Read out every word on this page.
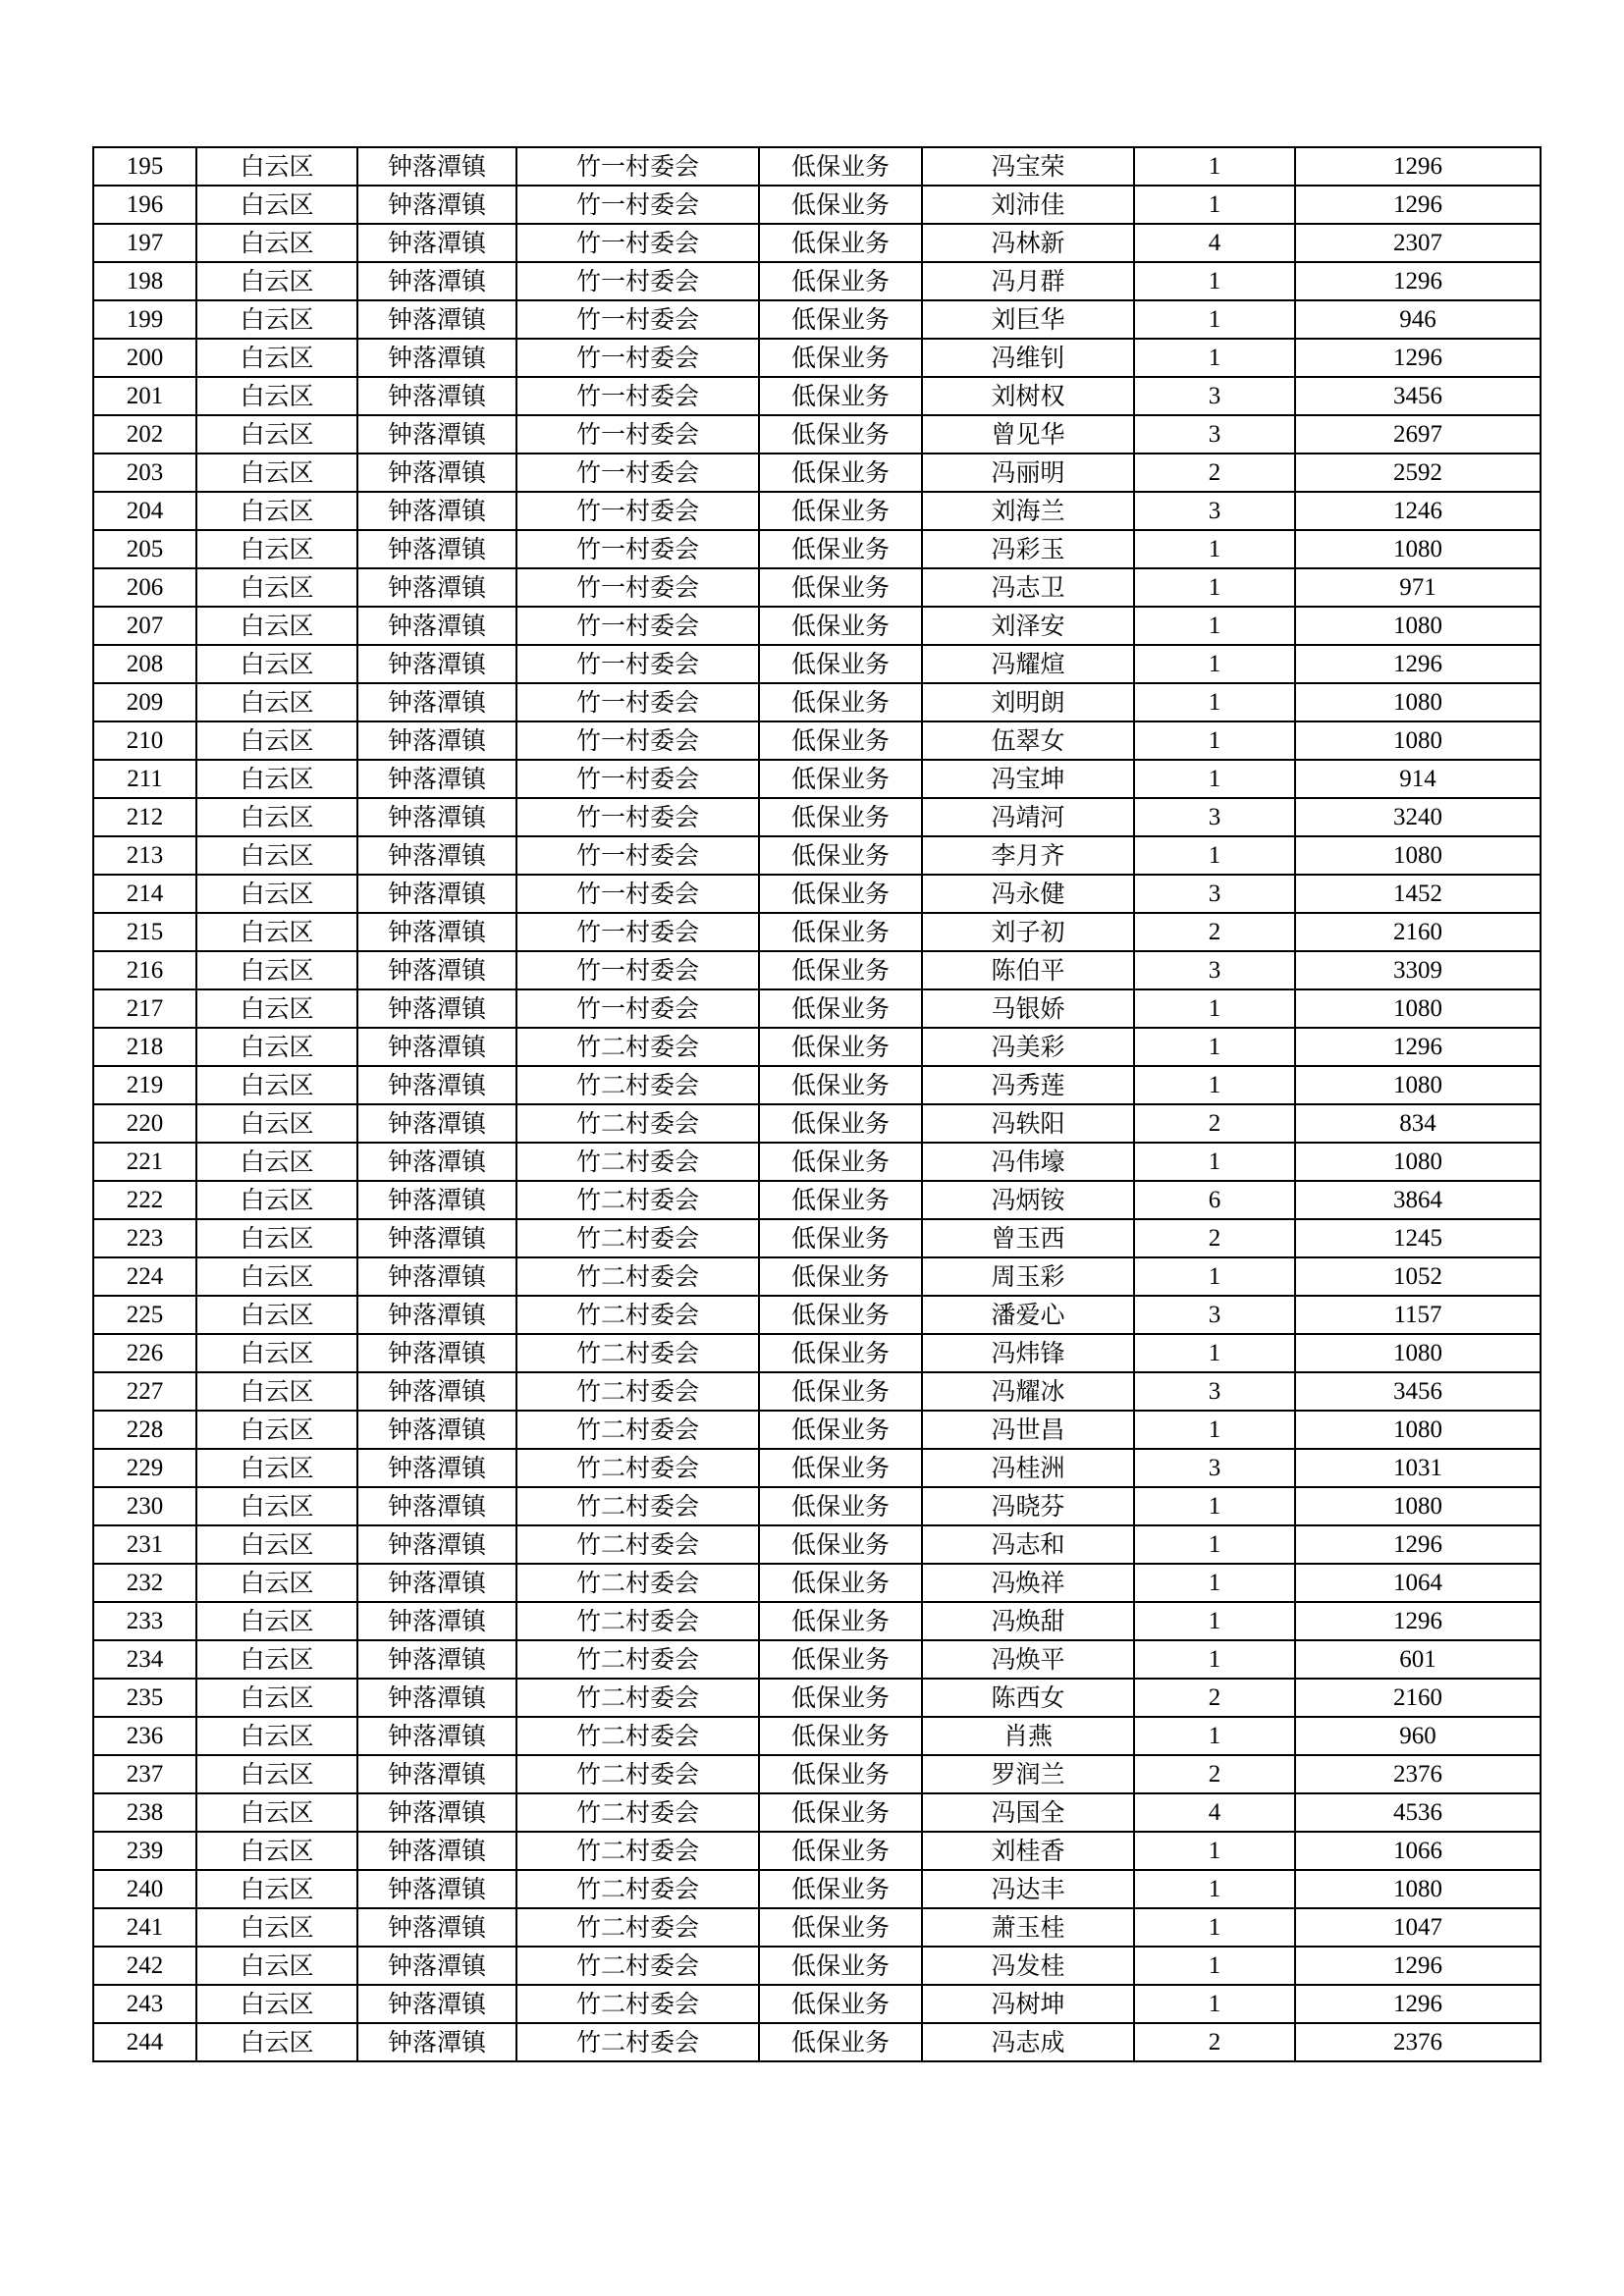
195	白云区	钟落潭镇	竹一村委会	低保业务	冯宝荣	1	1296
196	白云区	钟落潭镇	竹一村委会	低保业务	刘沛佳	1	1296
197	白云区	钟落潭镇	竹一村委会	低保业务	冯林新	4	2307
198	白云区	钟落潭镇	竹一村委会	低保业务	冯月群	1	1296
199	白云区	钟落潭镇	竹一村委会	低保业务	刘巨华	1	946
200	白云区	钟落潭镇	竹一村委会	低保业务	冯维钊	1	1296
201	白云区	钟落潭镇	竹一村委会	低保业务	刘树权	3	3456
202	白云区	钟落潭镇	竹一村委会	低保业务	曾见华	3	2697
203	白云区	钟落潭镇	竹一村委会	低保业务	冯丽明	2	2592
204	白云区	钟落潭镇	竹一村委会	低保业务	刘海兰	3	1246
205	白云区	钟落潭镇	竹一村委会	低保业务	冯彩玉	1	1080
206	白云区	钟落潭镇	竹一村委会	低保业务	冯志卫	1	971
207	白云区	钟落潭镇	竹一村委会	低保业务	刘泽安	1	1080
208	白云区	钟落潭镇	竹一村委会	低保业务	冯耀煊	1	1296
209	白云区	钟落潭镇	竹一村委会	低保业务	刘明朗	1	1080
210	白云区	钟落潭镇	竹一村委会	低保业务	伍翠女	1	1080
211	白云区	钟落潭镇	竹一村委会	低保业务	冯宝坤	1	914
212	白云区	钟落潭镇	竹一村委会	低保业务	冯靖河	3	3240
213	白云区	钟落潭镇	竹一村委会	低保业务	李月齐	1	1080
214	白云区	钟落潭镇	竹一村委会	低保业务	冯永健	3	1452
215	白云区	钟落潭镇	竹一村委会	低保业务	刘子初	2	2160
216	白云区	钟落潭镇	竹一村委会	低保业务	陈伯平	3	3309
217	白云区	钟落潭镇	竹一村委会	低保业务	马银娇	1	1080
218	白云区	钟落潭镇	竹二村委会	低保业务	冯美彩	1	1296
219	白云区	钟落潭镇	竹二村委会	低保业务	冯秀莲	1	1080
220	白云区	钟落潭镇	竹二村委会	低保业务	冯轶阳	2	834
221	白云区	钟落潭镇	竹二村委会	低保业务	冯伟壕	1	1080
222	白云区	钟落潭镇	竹二村委会	低保业务	冯炳铵	6	3864
223	白云区	钟落潭镇	竹二村委会	低保业务	曾玉西	2	1245
224	白云区	钟落潭镇	竹二村委会	低保业务	周玉彩	1	1052
225	白云区	钟落潭镇	竹二村委会	低保业务	潘爱心	3	1157
226	白云区	钟落潭镇	竹二村委会	低保业务	冯炜锋	1	1080
227	白云区	钟落潭镇	竹二村委会	低保业务	冯耀冰	3	3456
228	白云区	钟落潭镇	竹二村委会	低保业务	冯世昌	1	1080
229	白云区	钟落潭镇	竹二村委会	低保业务	冯桂洲	3	1031
230	白云区	钟落潭镇	竹二村委会	低保业务	冯晓芬	1	1080
231	白云区	钟落潭镇	竹二村委会	低保业务	冯志和	1	1296
232	白云区	钟落潭镇	竹二村委会	低保业务	冯焕祥	1	1064
233	白云区	钟落潭镇	竹二村委会	低保业务	冯焕甜	1	1296
234	白云区	钟落潭镇	竹二村委会	低保业务	冯焕平	1	601
235	白云区	钟落潭镇	竹二村委会	低保业务	陈西女	2	2160
236	白云区	钟落潭镇	竹二村委会	低保业务	肖燕	1	960
237	白云区	钟落潭镇	竹二村委会	低保业务	罗润兰	2	2376
238	白云区	钟落潭镇	竹二村委会	低保业务	冯国全	4	4536
239	白云区	钟落潭镇	竹二村委会	低保业务	刘桂香	1	1066
240	白云区	钟落潭镇	竹二村委会	低保业务	冯达丰	1	1080
241	白云区	钟落潭镇	竹二村委会	低保业务	萧玉桂	1	1047
242	白云区	钟落潭镇	竹二村委会	低保业务	冯发桂	1	1296
243	白云区	钟落潭镇	竹二村委会	低保业务	冯树坤	1	1296
244	白云区	钟落潭镇	竹二村委会	低保业务	冯志成	2	2376
